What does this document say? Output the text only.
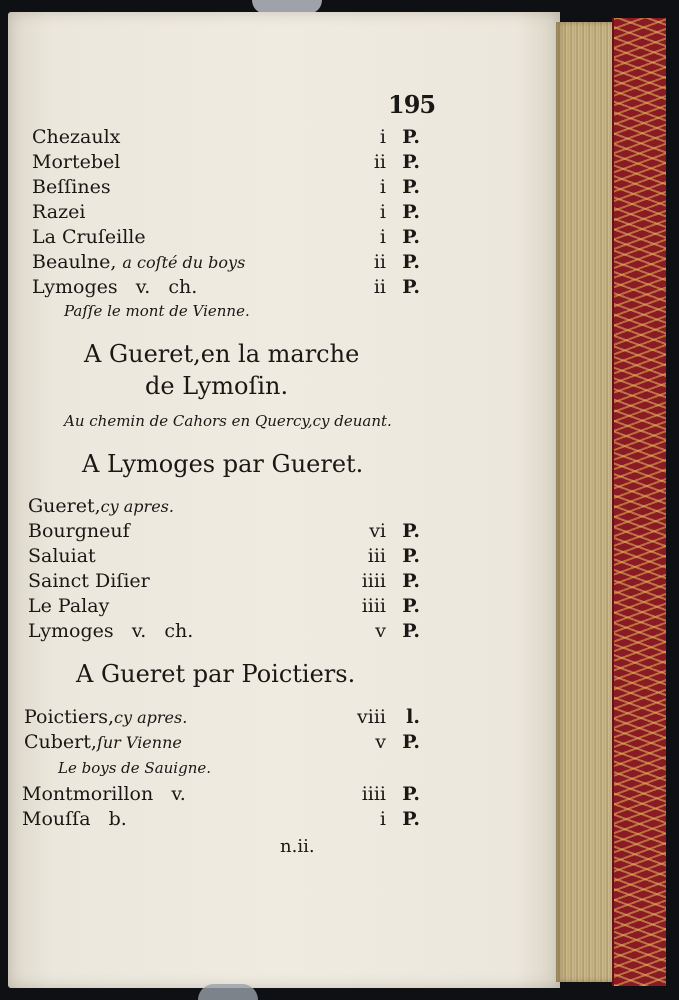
195
Chezaulx	i P.
Mortebel	ii P.
Beſſines	i P.
Razei	i P.
La Cruſeille	i P.
Beaulne, a coſté du boys	ii P.
Lymoges   v.   ch.	ii P.
Paſſe le mont de Vienne.
A Gueret,en la marche
de Lymoſin.
Au chemin de Cahors en Quercy,cy deuant.
A Lymoges par Gueret.
Gueret,cy apres.
Bourgneuf	vi P.
Saluiat	iii P.
Sainct Diſier	iiii P.
Le Palay	iiii P.
Lymoges   v.   ch.	v P.
A Gueret par Poictiers.
Poictiers,cy apres.	viii l.
Cubert,ſur Vienne	v P.
Le boys de Sauigne.
Montmorillon   v.	iiii P.
Mouſſa   b.	i P.
n.ii.
